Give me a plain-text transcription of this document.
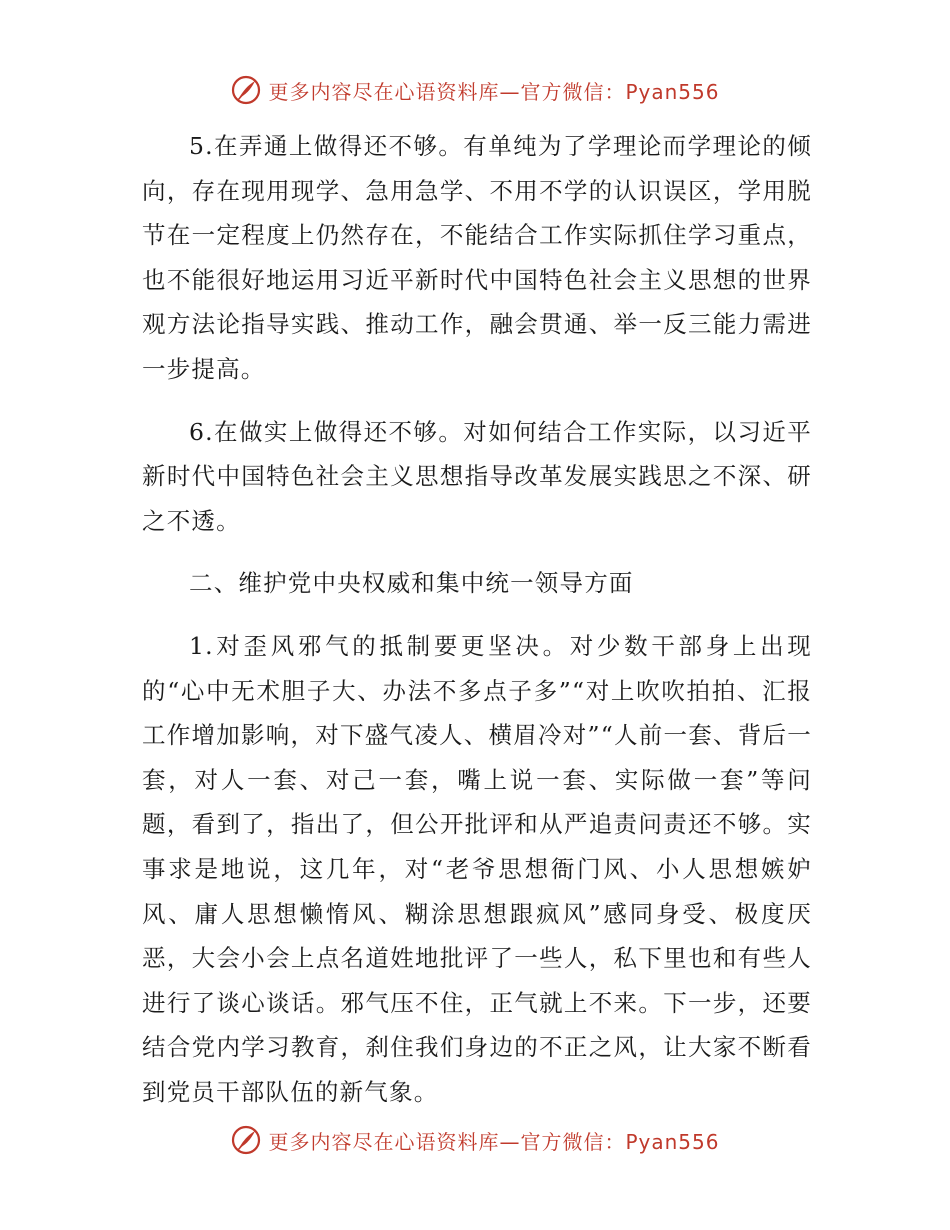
更多内容尽在心语资料库—官方微信：Pyan556

5.在弄通上做得还不够。有单纯为了学理论而学理论的倾向，存在现用现学、急用急学、不用不学的认识误区，学用脱节在一定程度上仍然存在，不能结合工作实际抓住学习重点，也不能很好地运用习近平新时代中国特色社会主义思想的世界观方法论指导实践、推动工作，融会贯通、举一反三能力需进一步提高。

6.在做实上做得还不够。对如何结合工作实际，以习近平新时代中国特色社会主义思想指导改革发展实践思之不深、研之不透。

二、维护党中央权威和集中统一领导方面

1.对歪风邪气的抵制要更坚决。对少数干部身上出现的“心中无术胆子大、办法不多点子多”“对上吹吹拍拍、汇报工作增加影响，对下盛气凌人、横眉冷对”“人前一套、背后一套，对人一套、对己一套，嘴上说一套、实际做一套”等问题，看到了，指出了，但公开批评和从严追责问责还不够。实事求是地说，这几年，对“老爷思想衙门风、小人思想嫉妒风、庸人思想懒惰风、糊涂思想跟疯风”感同身受、极度厌恶，大会小会上点名道姓地批评了一些人，私下里也和有些人进行了谈心谈话。邪气压不住，正气就上不来。下一步，还要结合党内学习教育，刹住我们身边的不正之风，让大家不断看到党员干部队伍的新气象。

更多内容尽在心语资料库—官方微信：Pyan556
